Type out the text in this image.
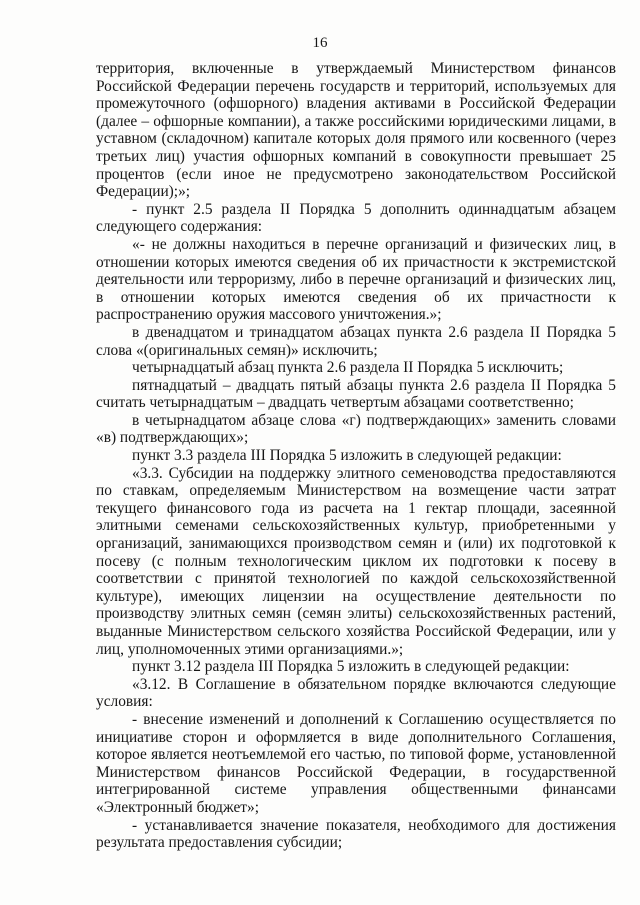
16

территория, включенные в утверждаемый Министерством финансов Российской Федерации перечень государств и территорий, используемых для промежуточного (офшорного) владения активами в Российской Федерации (далее – офшорные компании), а также российскими юридическими лицами, в уставном (складочном) капитале которых доля прямого или косвенного (через третьих лиц) участия офшорных компаний в совокупности превышает 25 процентов (если иное не предусмотрено законодательством Российской Федерации);»;

- пункт 2.5 раздела II Порядка 5 дополнить одиннадцатым абзацем следующего содержания:

«- не должны находиться в перечне организаций и физических лиц, в отношении которых имеются сведения об их причастности к экстремистской деятельности или терроризму, либо в перечне организаций и физических лиц, в отношении которых имеются сведения об их причастности к распространению оружия массового уничтожения.»;

в двенадцатом и тринадцатом абзацах пункта 2.6 раздела II Порядка 5 слова «(оригинальных семян)» исключить;

четырнадцатый абзац пункта 2.6 раздела II Порядка 5 исключить;

пятнадцатый – двадцать пятый абзацы пункта 2.6 раздела II Порядка 5 считать четырнадцатым – двадцать четвертым абзацами соответственно;

в четырнадцатом абзаце слова «г) подтверждающих» заменить словами «в) подтверждающих»;

пункт 3.3 раздела III Порядка 5 изложить в следующей редакции:

«3.3. Субсидии на поддержку элитного семеноводства предоставляются по ставкам, определяемым Министерством на возмещение части затрат текущего финансового года из расчета на 1 гектар площади, засеянной элитными семенами сельскохозяйственных культур, приобретенными у организаций, занимающихся производством семян и (или) их подготовкой к посеву (с полным технологическим циклом их подготовки к посеву в соответствии с принятой технологией по каждой сельскохозяйственной культуре), имеющих лицензии на осуществление деятельности по производству элитных семян (семян элиты) сельскохозяйственных растений, выданные Министерством сельского хозяйства Российской Федерации, или у лиц, уполномоченных этими организациями.»;

пункт 3.12 раздела III Порядка 5 изложить в следующей редакции:

«3.12. В Соглашение в обязательном порядке включаются следующие условия:

- внесение изменений и дополнений к Соглашению осуществляется по инициативе сторон и оформляется в виде дополнительного Соглашения, которое является неотъемлемой его частью, по типовой форме, установленной Министерством финансов Российской Федерации, в государственной интегрированной системе управления общественными финансами «Электронный бюджет»;

- устанавливается значение показателя, необходимого для достижения результата предоставления субсидии;
